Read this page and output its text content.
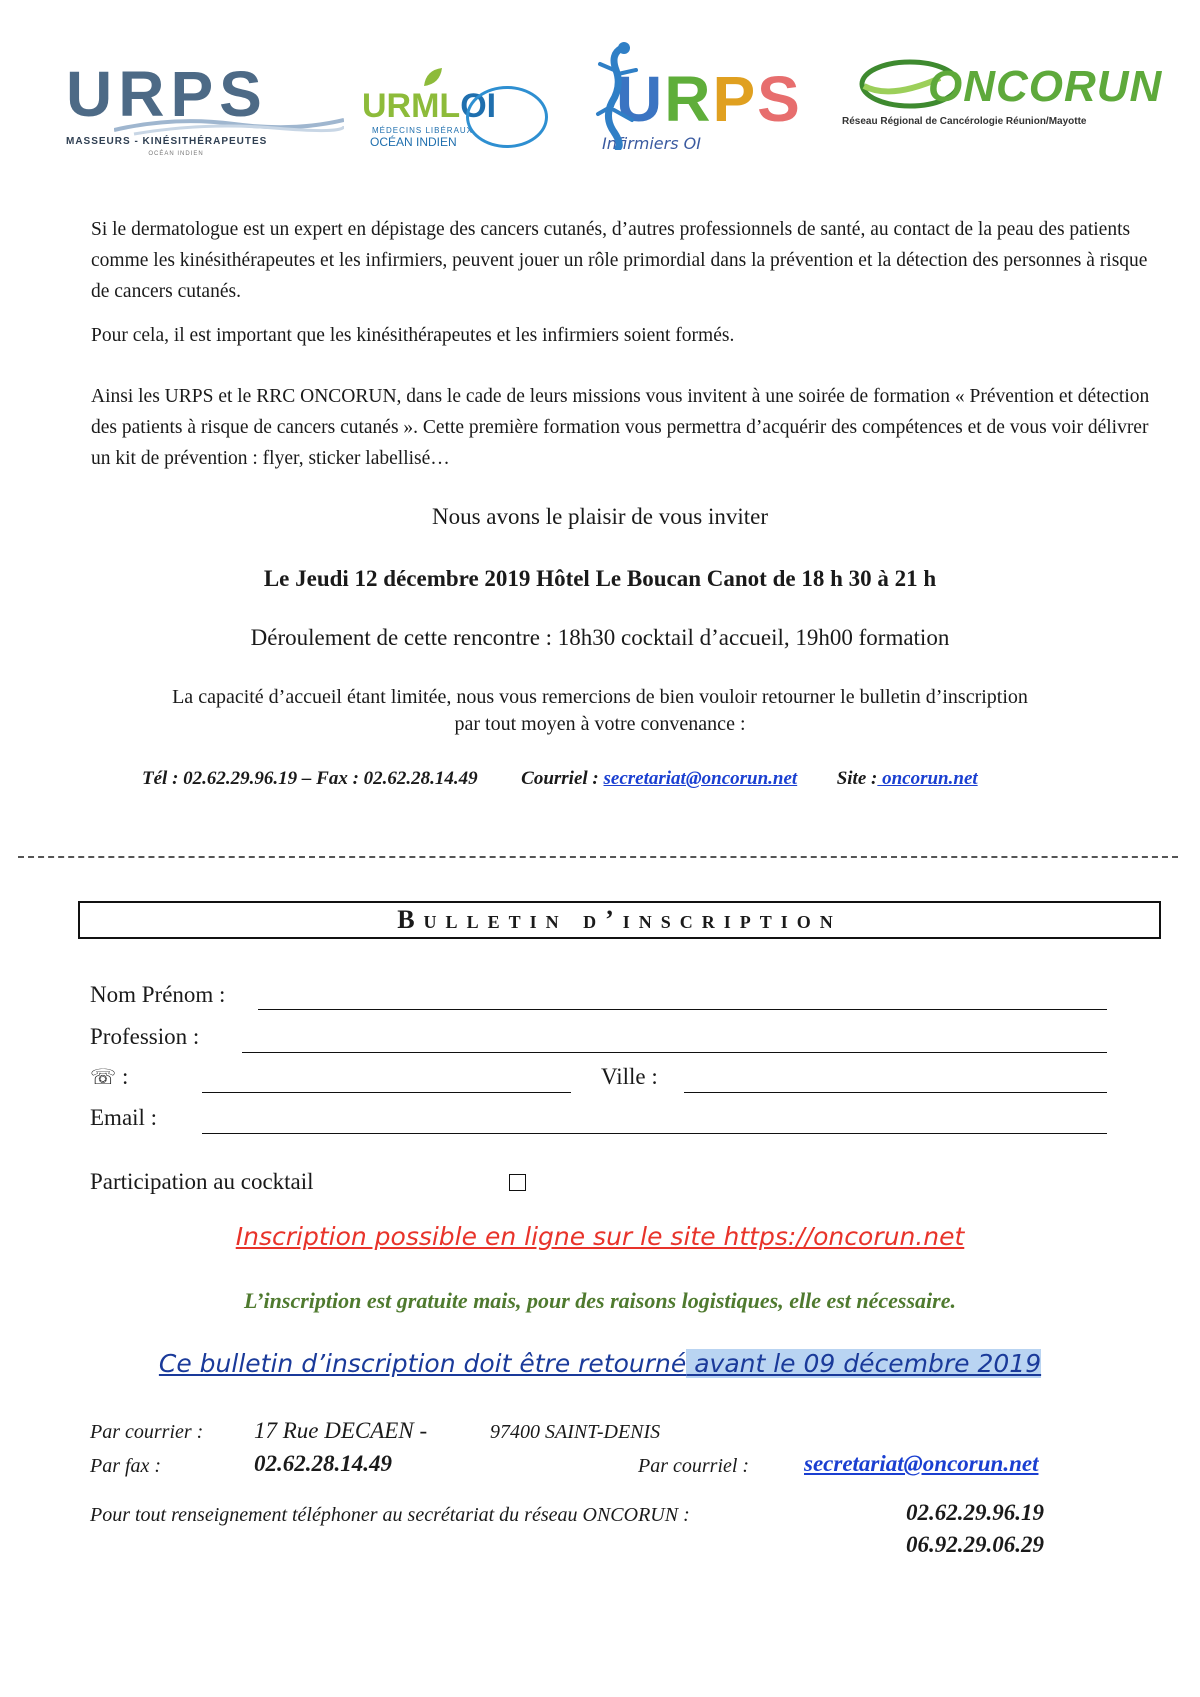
URPS
MASSEURS - KINÉSITHÉRAPEUTES
OCÉAN INDIEN
URMLOI
MÉDECINS LIBÉRAUX
OCÉAN INDIEN
URPS
Infirmiers OI
ONCORUN
Réseau Régional de Cancérologie Réunion/Mayotte

Si le dermatologue est un expert en dépistage des cancers cutanés, d’autres professionnels de santé, au contact de la peau des patients comme les kinésithérapeutes et les infirmiers, peuvent jouer un rôle primordial dans la prévention et la détection des personnes à risque de cancers cutanés.

Pour cela, il est important que les kinésithérapeutes et les infirmiers soient formés.

Ainsi les URPS et le RRC ONCORUN, dans le cade de leurs missions vous invitent à une soirée de formation « Prévention et détection des patients à risque de cancers cutanés ». Cette première formation vous permettra d’acquérir des compétences et de vous voir délivrer un kit de prévention : flyer, sticker labellisé…

Nous avons le plaisir de vous inviter

Le Jeudi 12 décembre 2019 Hôtel Le Boucan Canot de 18 h 30 à 21 h

Déroulement de cette rencontre : 18h30 cocktail d’accueil, 19h00 formation

La capacité d’accueil étant limitée, nous vous remercions de bien vouloir retourner le bulletin d’inscription

par tout moyen à votre convenance :

Tél : 02.62.29.96.19 – Fax : 02.62.28.14.49 Courriel : secretariat@oncorun.net Site : oncorun.net
Bulletin d’inscription
Nom Prénom :
Profession :
☏ :	Ville :
Email :
Participation au cocktail
Inscription possible en ligne sur le site https://oncorun.net
L’inscription est gratuite mais, pour des raisons logistiques, elle est nécessaire.
Ce bulletin d’inscription doit être retourné avant le 09 décembre 2019
Par courrier : 17 Rue DECAEN -	97400 SAINT-DENIS
Par fax :	02.62.28.14.49	Par courriel : secretariat@oncorun.net
Pour tout renseignement téléphoner au secrétariat du réseau ONCORUN :	02.62.29.96.19
06.92.29.06.29
